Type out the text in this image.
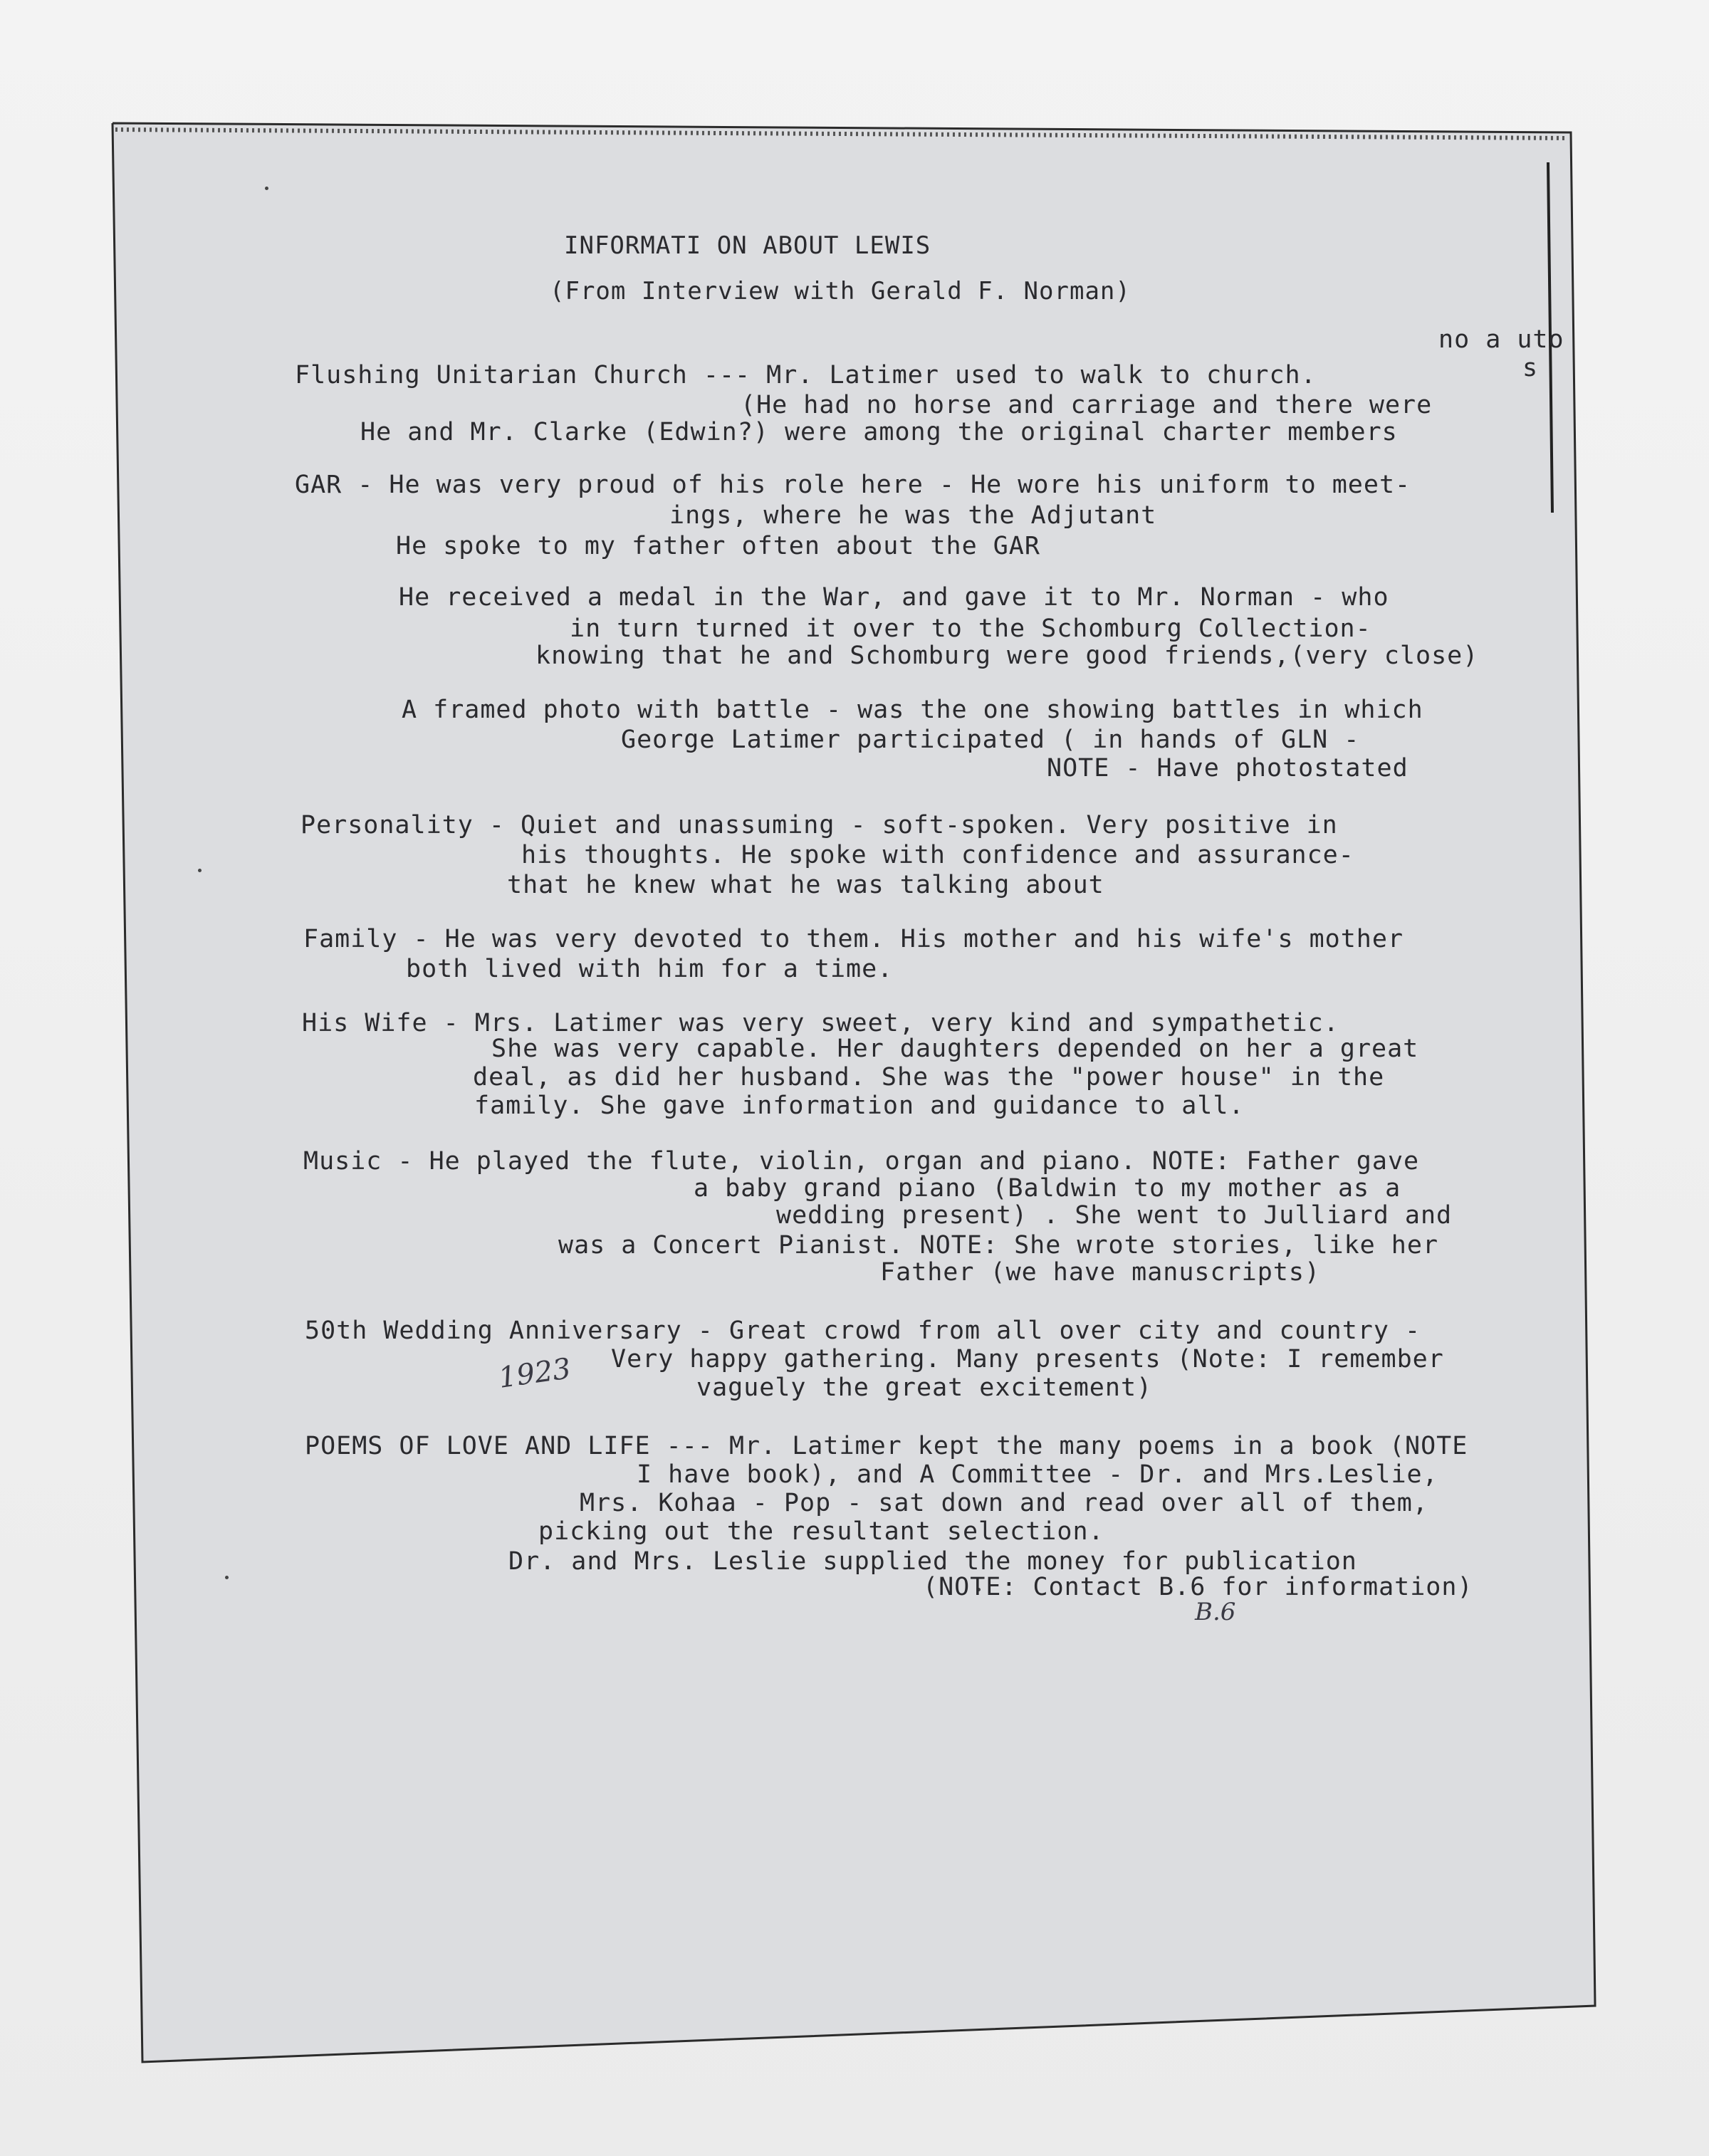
INFORMATI ON ABOUT LEWIS
(From Interview with Gerald F. Norman)
no a uto
s
Flushing Unitarian Church --- Mr. Latimer used to walk to church.
(He had no horse and carriage and there were
He and Mr. Clarke (Edwin?) were among the original charter members
GAR - He was very proud of his role here - He wore his uniform to meet-
ings, where he was the Adjutant
He spoke to my father often about the GAR
He received a medal in the War, and gave it to Mr. Norman - who
in turn turned it over to the Schomburg Collection-
knowing that he and Schomburg were good friends,(very close)
A framed photo with battle - was the one showing battles in which
George Latimer participated ( in hands of GLN -
NOTE - Have photostated
Personality - Quiet and unassuming - soft-spoken. Very positive in
his thoughts. He spoke with confidence and assurance-
that he knew what he was talking about
Family - He was very devoted to them. His mother and his wife's mother
both lived with him for a time.
His Wife - Mrs. Latimer was very sweet, very kind and sympathetic.
She was very capable. Her daughters depended on her a great
deal, as did her husband. She was the "power house" in the
family. She gave information and guidance to all.
Music - He played the flute, violin, organ and piano. NOTE: Father gave
a baby grand piano (Baldwin to my mother as a
wedding present) . She went to Julliard and
was a Concert Pianist. NOTE: She wrote stories, like her
Father (we have manuscripts)
50th Wedding Anniversary - Great crowd from all over city and country -
Very happy gathering. Many presents (Note: I remember
vaguely the great excitement)
1923
POEMS OF LOVE AND LIFE --- Mr. Latimer kept the many poems in a book (NOTE
I have book), and A Committee - Dr. and Mrs.Leslie,
Mrs. Kohaa - Pop - sat down and read over all of them,
picking out the resultant selection.
Dr. and Mrs. Leslie supplied the money for publication
(NOTE: Contact B.6 for information)
B.6
